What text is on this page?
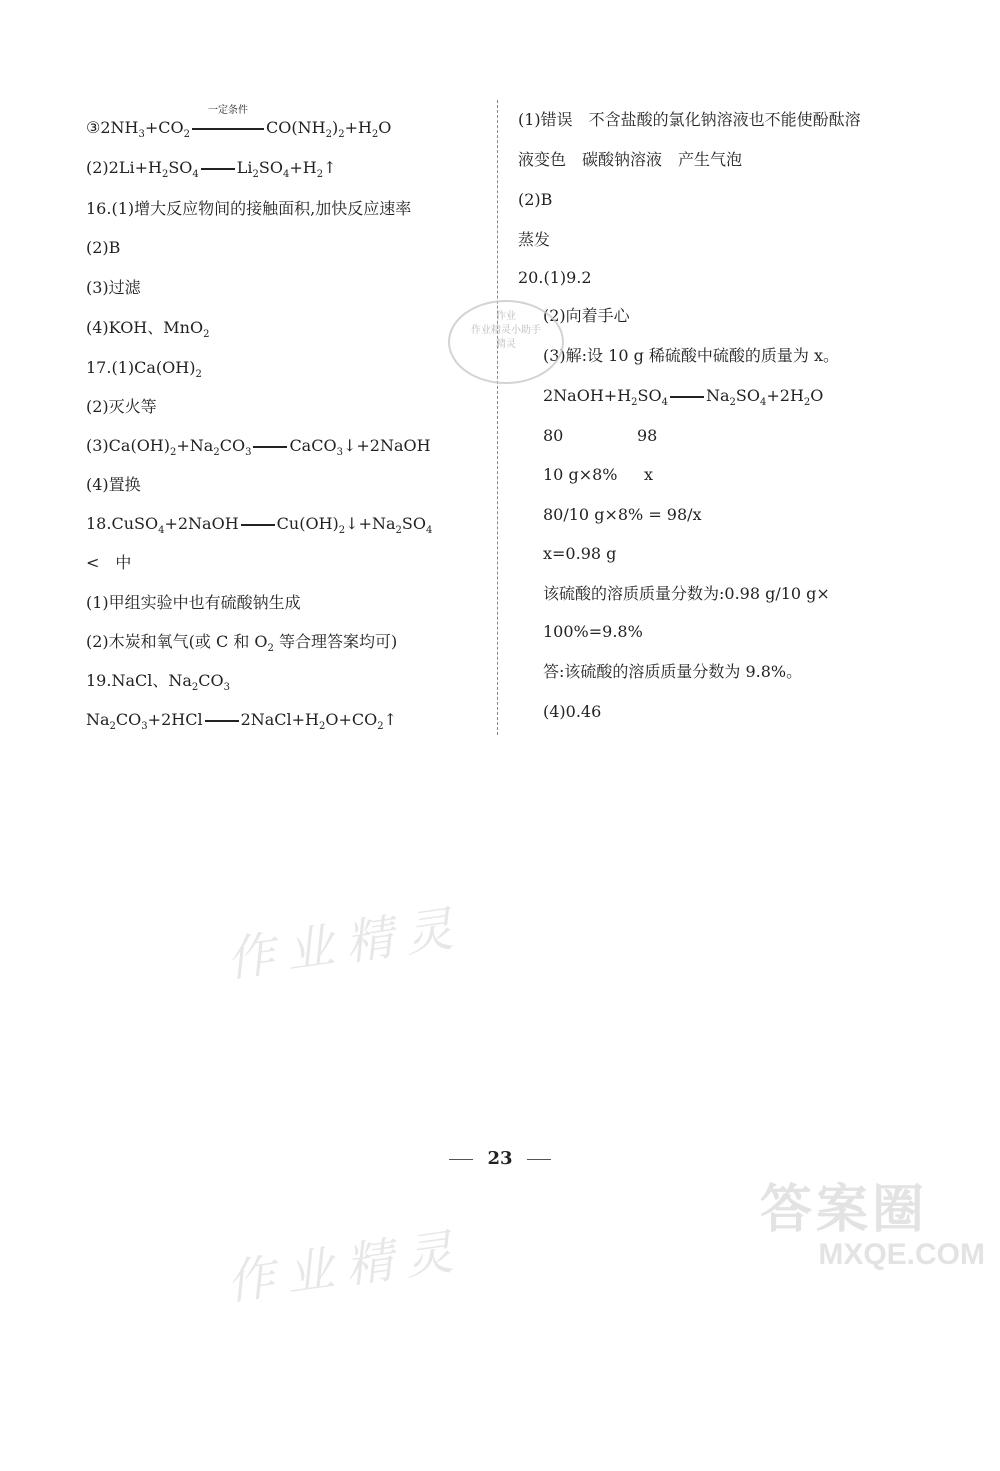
$③2NH_3+CO_2$
一定条件
$CO(NH_2)_2+H_2O$
$(2)2Li+H_2SO_4$ $Li_2SO_4+H_2↑$
16.(1)增大反应物间的接触面积,加快反应速率
(2)B
(3)过滤
(4)KOH、MnO$_2$
$17.(1)Ca(OH)_2$
(2)灭火等
$(3)Ca(OH)_2+Na_2CO_3$ CaCO$_3$↓+2NaOH
(4)置换
18.CuSO$_4$+2NaOH $Cu(OH)_2↓+Na_2SO_4$
<　中
(1)甲组实验中也有硫酸钠生成
(2)木炭和氧气(或 C 和 $O_2$ 等合理答案均可)
19.NaCl、$Na_2CO_3$
$Na_2CO_3+2HCl$ $2NaCl+H_2O+CO_2↑$
(1)错误　不含盐酸的氯化钠溶液也不能使酚酞溶
液变色　碳酸钠溶液　产生气泡
(2)B
蒸发
20.(1)9.2
(2)向着手心
(3)解:设 10 g 稀硫酸中硫酸的质量为 x。
$2NaOH+H_2SO_4$ $Na_2SO_4+2H_2O$
80	98
10 g×8% x
80/10 g×8% = 98/x
x=0.98 g
该硫酸的溶质质量分数为:0.98 g/10 g×
100%=9.8%
答:该硫酸的溶质质量分数为 9.8%。
(4)0.46
作业
作业精灵小助手
精灵
作业精灵
作业精灵
23
答案圈
MXQE.COM
